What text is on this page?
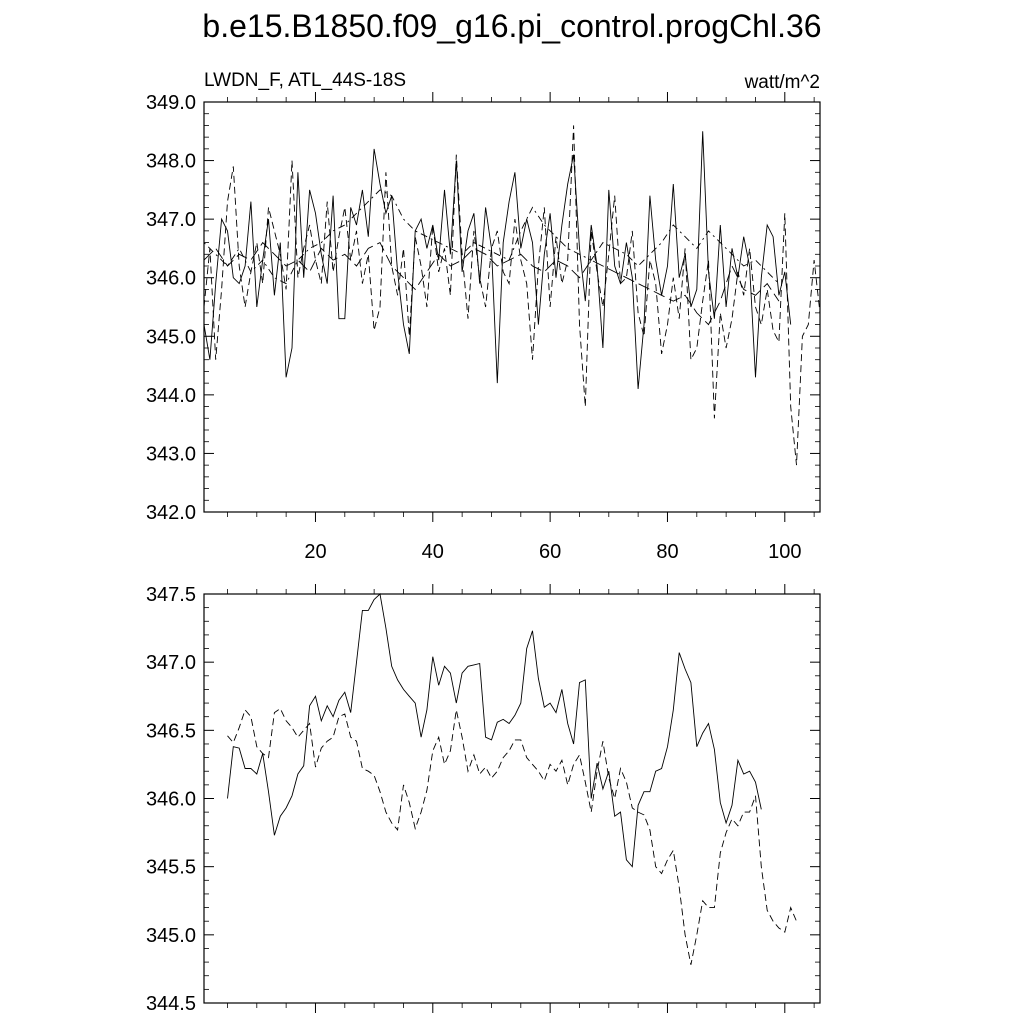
b.e15.B1850.f09_g16.pi_control.progChl.36
342.0
343.0
344.0
345.0
346.0
347.0
348.0
349.0
20	40	60	80	100
LWDN_F, ATL_44S-18S	watt/m^2
344.5
345.0
345.5
346.0
346.5
347.0
347.5
